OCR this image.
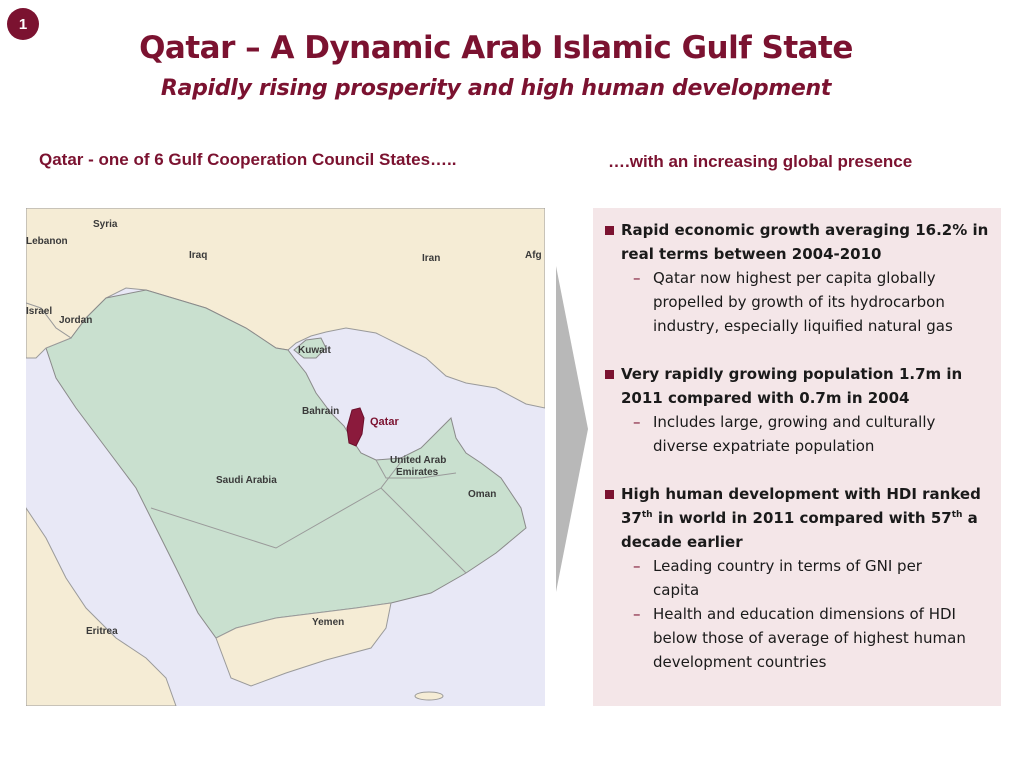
1
Qatar – A Dynamic Arab Islamic Gulf State
Rapidly rising prosperity and high human development
Qatar - one of 6 Gulf Cooperation Council States…..	….with an increasing global presence
Syria
Lebanon
Iraq	Iran	Afg
Israel
Jordan
Kuwait
Bahrain
Qatar
United Arab
Emirates
Saudi Arabia
Oman
Yemen
Eritrea
Rapid economic growth averaging 16.2% in
real terms between 2004-2010
– Qatar now highest per capita globally
propelled by growth of its hydrocarbon
industry, especially liquified natural gas
Very rapidly growing population 1.7m in
2011 compared with 0.7m in 2004
– Includes large, growing and culturally
diverse expatriate population
High human development with HDI ranked
37th in world in 2011 compared with 57th a
decade earlier
– Leading country in terms of GNI per
capita
– Health and education dimensions of HDI
below those of average of highest human
development countries
